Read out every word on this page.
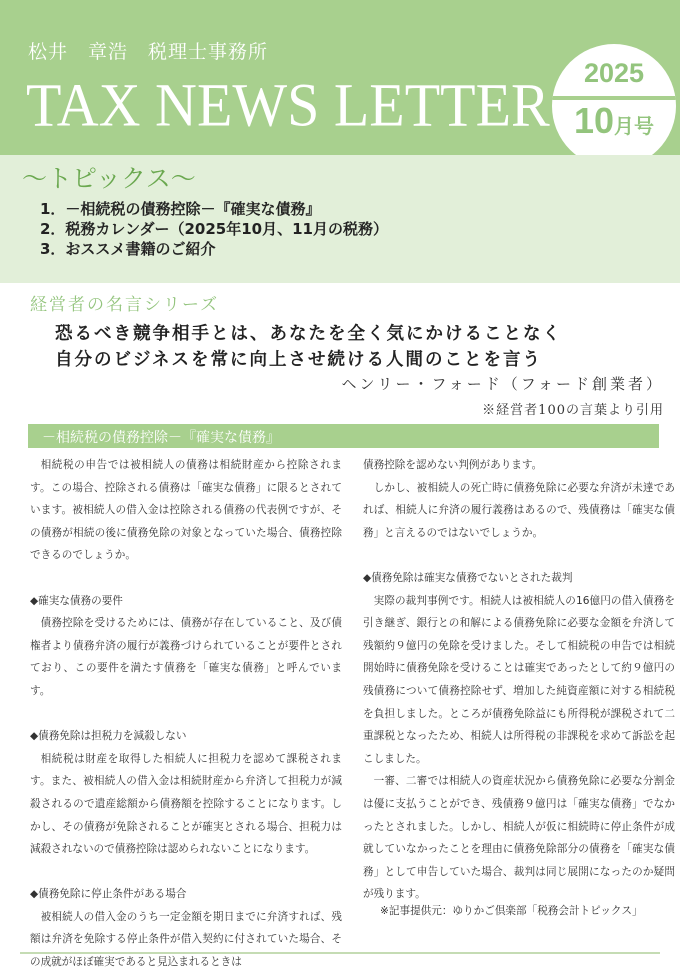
松井　章浩　税理士事務所
TAX NEWS LETTER	2025
10月号
～トピックス～
1．－相続税の債務控除－『確実な債務』
2．税務カレンダー（2025年10月、11月の税務）
3．おススメ書籍のご紹介
経営者の名言シリーズ
恐るべき競争相手とは、あなたを全く気にかけることなく
自分のビジネスを常に向上させ続ける人間のことを言う
ヘンリー・フォード（フォード創業者）
※経営者100の言葉より引用
－相続税の債務控除－『確実な債務』

相続税の申告では被相続人の債務は相続財産から控除されます。この場合、控除される債務は「確実な債務」に限るとされています。被相続人の借入金は控除される債務の代表例ですが、その債務が相続の後に債務免除の対象となっていた場合、債務控除できるのでしょうか。

◆確実な債務の要件

債務控除を受けるためには、債務が存在していること、及び債権者より債務弁済の履行が義務づけられていることが要件とされており、この要件を満たす債務を「確実な債務」と呼んでいます。

◆債務免除は担税力を減殺しない

相続税は財産を取得した相続人に担税力を認めて課税されます。また、被相続人の借入金は相続財産から弁済して担税力が減殺されるので遺産総額から債務額を控除することになります。しかし、その債務が免除されることが確実とされる場合、担税力は減殺されないので債務控除は認められないことになります。

◆債務免除に停止条件がある場合

被相続人の借入金のうち一定金額を期日までに弁済すれば、残額は弁済を免除する停止条件が借入契約に付されていた場合、その成就がほぼ確実であると見込まれるときは

債務控除を認めない判例があります。

しかし、被相続人の死亡時に債務免除に必要な弁済が未達であれば、相続人に弁済の履行義務はあるので、残債務は「確実な債務」と言えるのではないでしょうか。

◆債務免除は確実な債務でないとされた裁判

実際の裁判事例です。相続人は被相続人の16億円の借入債務を引き継ぎ、銀行との和解による債務免除に必要な金額を弁済して残額約９億円の免除を受けました。そして相続税の申告では相続開始時に債務免除を受けることは確実であったとして約９億円の残債務について債務控除せず、増加した純資産額に対する相続税を負担しました。ところが債務免除益にも所得税が課税されて二重課税となったため、相続人は所得税の非課税を求めて訴訟を起こしました。

一審、二審では相続人の資産状況から債務免除に必要な分割金は優に支払うことができ、残債務９億円は「確実な債務」でなかったとされました。しかし、相続人が仮に相続時に停止条件が成就していなかったことを理由に債務免除部分の債務を「確実な債務」として申告していた場合、裁判は同じ展開になったのか疑問が残ります。

※記事提供元：ゆりかご倶楽部「税務会計トピックス」
